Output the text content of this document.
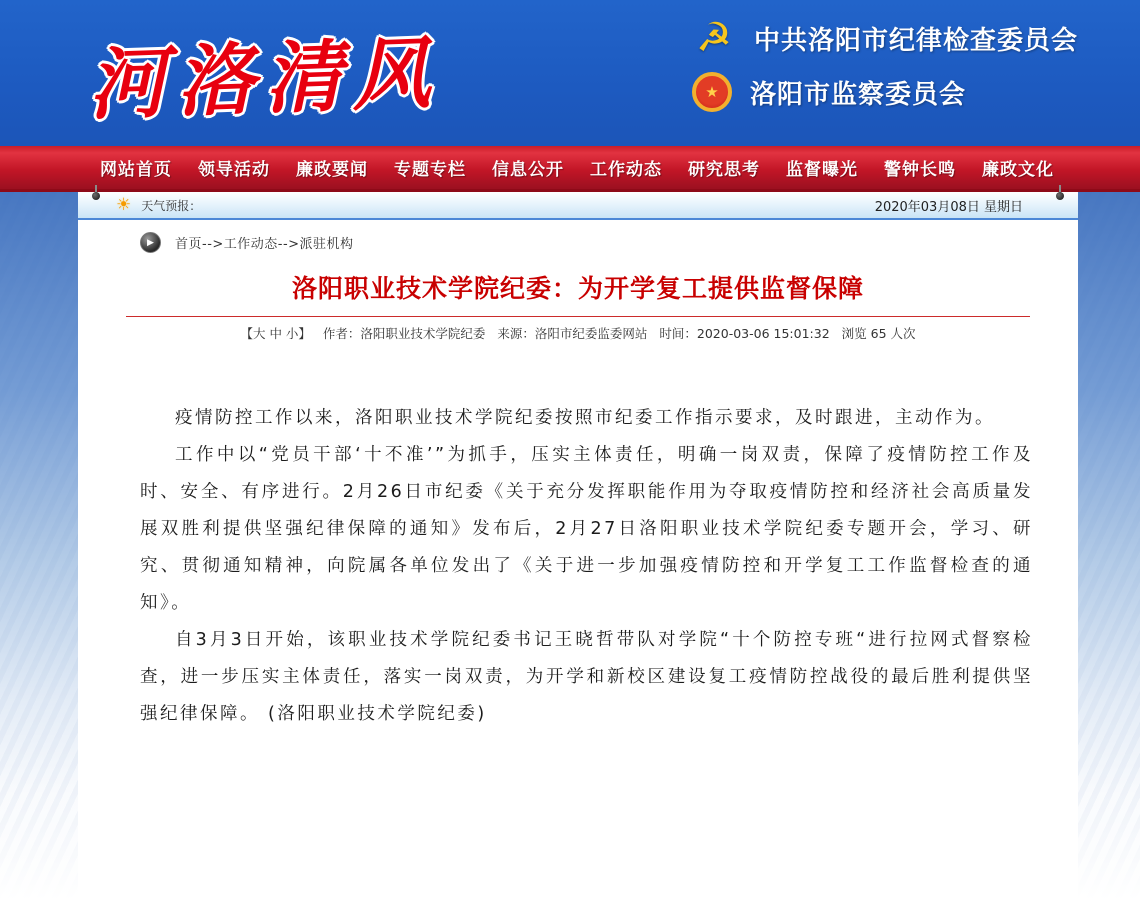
河洛清风	☭ 中共洛阳市纪律检查委员会
★ 洛阳市监察委员会
网站首页 领导活动 廉政要闻 专题专栏 信息公开 工作动态 研究思考 监督曝光 警钟长鸣 廉政文化
☀ 天气预报：	2020年03月08日 星期日
▶	首页-->工作动态-->派驻机构
洛阳职业技术学院纪委：为开学复工提供监督保障
【大 中 小】 作者：洛阳职业技术学院纪委 来源：洛阳市纪委监委网站 时间：2020-03-06 15:01:32 浏览 65 人次

疫情防控工作以来，洛阳职业技术学院纪委按照市纪委工作指示要求，及时跟进，主动作为。

工作中以“党员干部‘十不准’”为抓手，压实主体责任，明确一岗双责，保障了疫情防控工作及时、安全、有序进行。2月26日市纪委《关于充分发挥职能作用为夺取疫情防控和经济社会高质量发展双胜利提供坚强纪律保障的通知》发布后，2月27日洛阳职业技术学院纪委专题开会，学习、研究、贯彻通知精神，向院属各单位发出了《关于进一步加强疫情防控和开学复工工作监督检查的通知》。

自3月3日开始，该职业技术学院纪委书记王晓哲带队对学院“十个防控专班“进行拉网式督察检查，进一步压实主体责任，落实一岗双责，为开学和新校区建设复工疫情防控战役的最后胜利提供坚强纪律保障。 (洛阳职业技术学院纪委)
